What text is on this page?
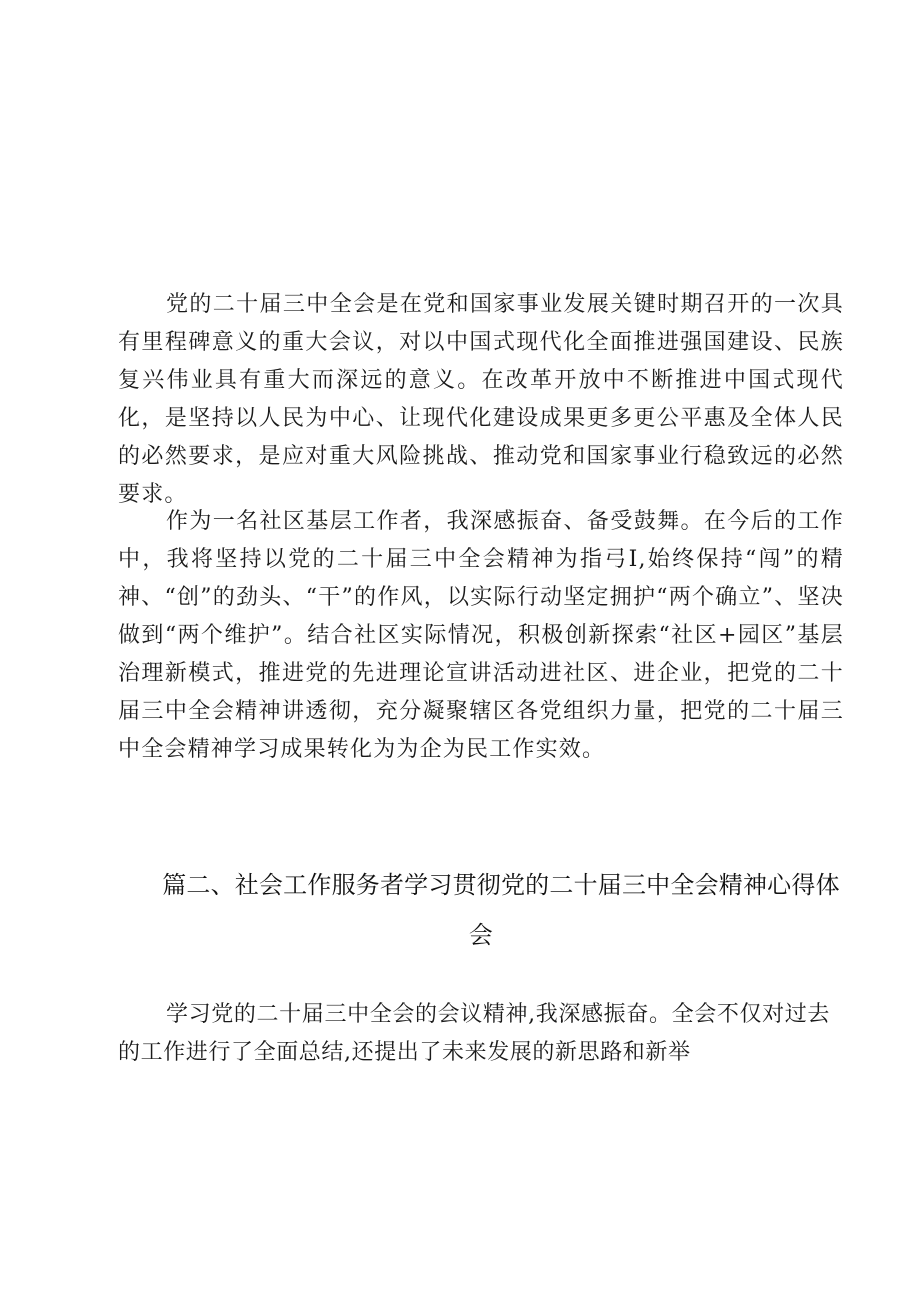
党的二十届三中全会是在党和国家事业发展关键时期召开的一次具有里程碑意义的重大会议，对以中国式现代化全面推进强国建设、民族复兴伟业具有重大而深远的意义。在改革开放中不断推进中国式现代化，是坚持以人民为中心、让现代化建设成果更多更公平惠及全体人民的必然要求，是应对重大风险挑战、推动党和国家事业行稳致远的必然要求。

作为一名社区基层工作者，我深感振奋、备受鼓舞。在今后的工作中，我将坚持以党的二十届三中全会精神为指弓I,始终保持“闯”的精神、“创”的劲头、“干”的作风，以实际行动坚定拥护“两个确立”、坚决做到“两个维护”。结合社区实际情况，积极创新探索“社区+园区”基层治理新模式，推进党的先进理论宣讲活动进社区、进企业，把党的二十届三中全会精神讲透彻，充分凝聚辖区各党组织力量，把党的二十届三中全会精神学习成果转化为为企为民工作实效。

篇二、社会工作服务者学习贯彻党的二十届三中全会精神心得体会

学习党的二十届三中全会的会议精神,我深感振奋。全会不仅对过去的工作进行了全面总结,还提出了未来发展的新思路和新举
